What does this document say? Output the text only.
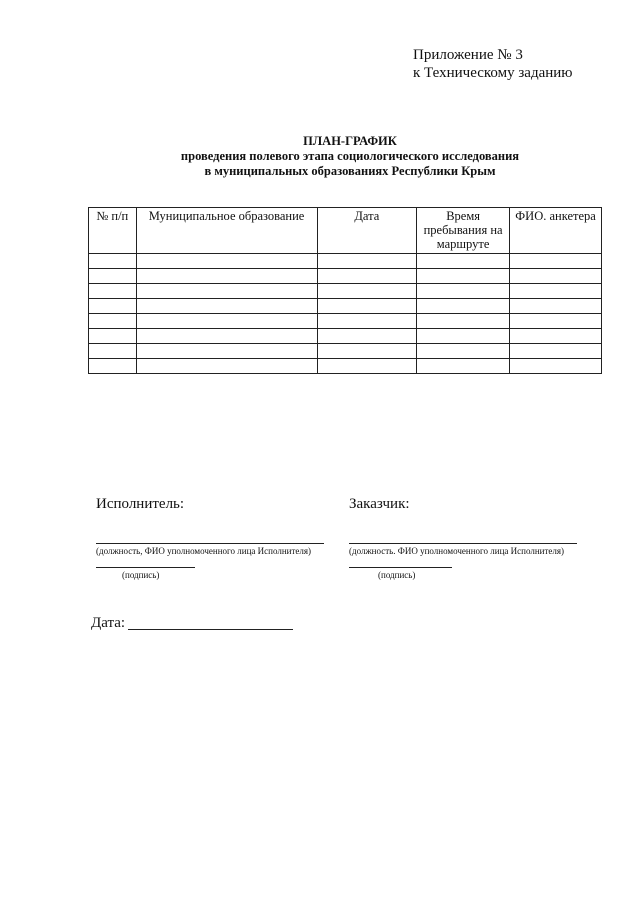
Приложение № 3
к Техническому заданию
ПЛАН-ГРАФИК
проведения полевого этапа социологического исследования
в муниципальных образованиях Республики Крым
№ п/п	Муниципальное образование	Дата	Время пребывания на маршруте	ФИО. анкетера

Исполнитель:	Заказчик:
(должность, ФИО уполномоченного лица Исполнителя)
(подпись)
(должность. ФИО уполномоченного лица Исполнителя)
(подпись)
Дата:
